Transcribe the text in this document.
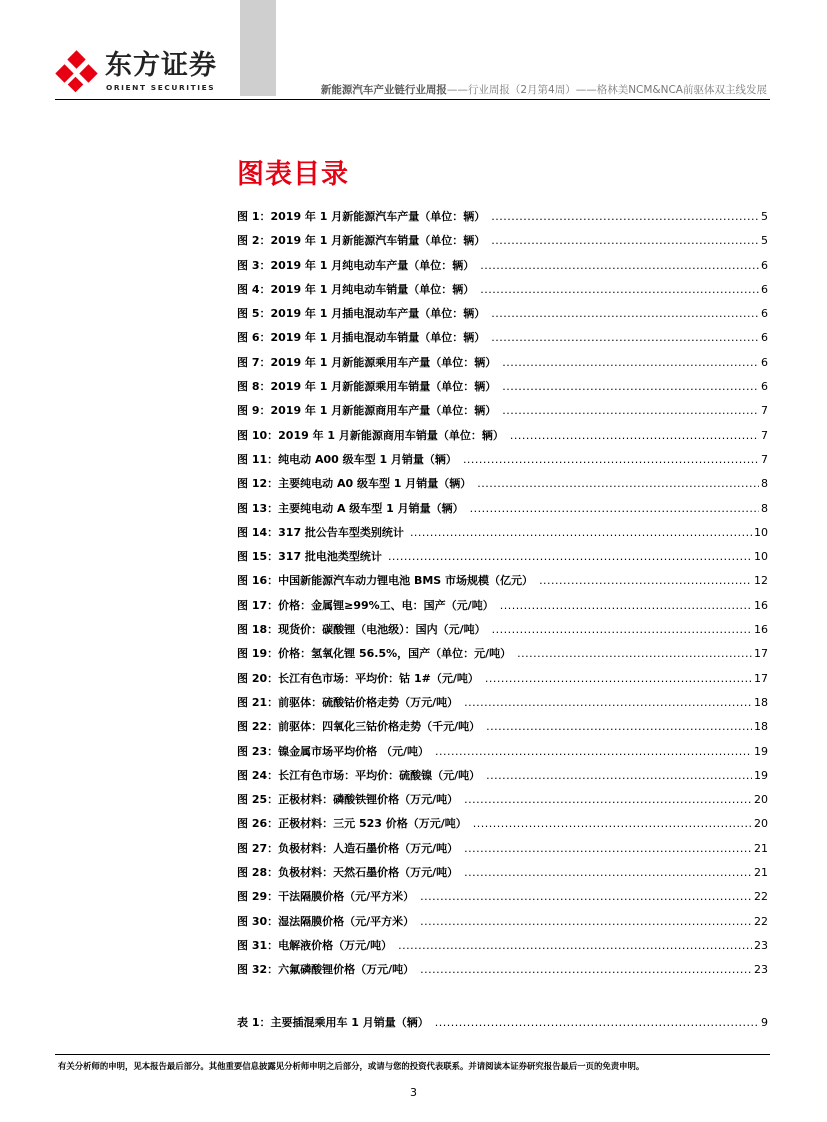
东方证券
ORIENT SECURITIES	新能源汽车产业链行业周报——行业周报（2月第4周）——格林美NCM&NCA前驱体双主线发展
图表目录
图 1：2019 年 1 月新能源汽车产量（单位：辆） .....	5
图 2：2019 年 1 月新能源汽车销量（单位：辆） .....	5
图 3：2019 年 1 月纯电动车产量（单位：辆） .....	6
图 4：2019 年 1 月纯电动车销量（单位：辆） .....	6
图 5：2019 年 1 月插电混动车产量（单位：辆） .....	6
图 6：2019 年 1 月插电混动车销量（单位：辆） .....	6
图 7：2019 年 1 月新能源乘用车产量（单位：辆） .....	6
图 8：2019 年 1 月新能源乘用车销量（单位：辆） .....	6
图 9：2019 年 1 月新能源商用车产量（单位：辆） .....	7
图 10：2019 年 1 月新能源商用车销量（单位：辆） .....	7
图 11：纯电动 A00 级车型 1 月销量（辆） .....	7
图 12：主要纯电动 A0 级车型 1 月销量（辆） .....	8
图 13：主要纯电动 A 级车型 1 月销量（辆） .....	8
图 14：317 批公告车型类别统计 .....	10
图 15：317 批电池类型统计 .....	10
图 16：中国新能源汽车动力锂电池 BMS 市场规模（亿元） .....	12
图 17：价格：金属锂≥99%工、电：国产（元/吨） .....	16
图 18：现货价：碳酸锂（电池级）：国内（元/吨） .....	16
图 19：价格：氢氧化锂 56.5%，国产（单位：元/吨） .....	17
图 20：长江有色市场：平均价：钴 1#（元/吨） .....	17
图 21：前驱体：硫酸钴价格走势（万元/吨） .....	18
图 22：前驱体：四氧化三钴价格走势（千元/吨） .....	18
图 23：镍金属市场平均价格 （元/吨） .....	19
图 24：长江有色市场：平均价：硫酸镍（元/吨） .....	19
图 25：正极材料：磷酸铁锂价格（万元/吨） .....	20
图 26：正极材料：三元 523 价格（万元/吨） .....	20
图 27：负极材料：人造石墨价格（万元/吨） .....	21
图 28：负极材料：天然石墨价格（万元/吨） .....	21
图 29：干法隔膜价格（元/平方米） .....	22
图 30：湿法隔膜价格（元/平方米） .....	22
图 31：电解液价格（万元/吨） .....	23
图 32：六氟磷酸锂价格（万元/吨） .....	23
表 1：主要插混乘用车 1 月销量（辆） .....	9
有关分析师的申明，见本报告最后部分。其他重要信息披露见分析师申明之后部分，或请与您的投资代表联系。并请阅读本证券研究报告最后一页的免责申明。
3
